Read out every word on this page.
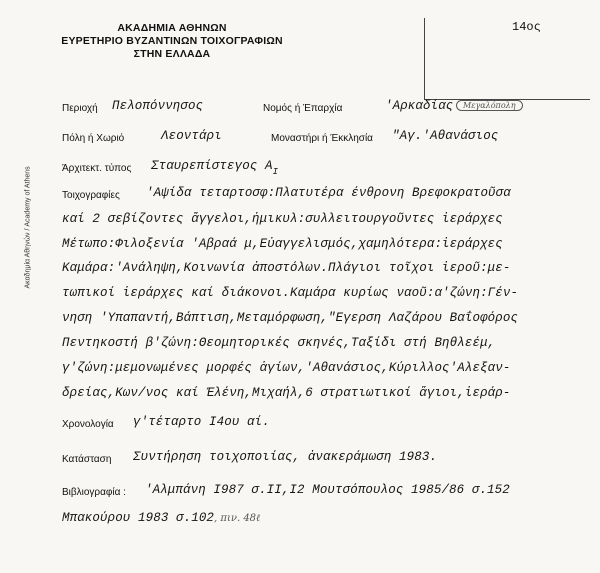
Ακαδημία Αθηνών / Academy of Athens
ΑΚΑΔΗΜΙΑ ΑΘΗΝΩΝ
ΕΥΡΕΤΗΡΙΟ ΒΥΖΑΝΤΙΝΩΝ ΤΟΙΧΟΓΡΑΦΙΩΝ
ΣΤΗΝ ΕΛΛΑΔΑ
14ος
Περιοχή Πελοπόννησος	Νομός ή Έπαρχία	'Αρκαδίας	Μεγαλόπολη
Πόλη ή Χωριό	Λεοντάρι	Μοναστήρι ή Έκκλησία "Αγ.'Αθανάσιος
Άρχιτεκτ. τύπος Σταυρεπίστεγος $A_I$
Τοιχογραφίες 'Αψίδα τεταρτοσφ:Πλατυτέρα ένθρονη Βρεφοκρατοῦσα
καί 2 σεβίζοντες ἄγγελοι,ἡμικυλ:συλλειτουργοῦντες ἱεράρχες
Μέτωπο:Φιλοξενία 'Αβραά μ,Εὐαγγελισμός,χαμηλότερα:ἱεράρχες
Καμάρα:'Ανάληψη,Κοινωνία ἀποστόλων.Πλάγιοι τοῖχοι ἱεροῦ:με-
τωπικοί ἱεράρχες καί διάκονοι.Καμάρα κυρίως ναοῦ:α'ζώνη:Γέν-
νηση 'Υπαπαντή,Βάπτιση,Μεταμόρφωση,"Εγερση Λαζάρου Βαΐοφόρος
Πεντηκοστή β'ζώνη:Θεομητορικές σκηνές,Ταξίδι στή Βηθλεέμ,
γ'ζώνη:μεμονωμένες μορφές ἁγίων,'Αθανάσιος,Κύριλλος'Αλεξαν-
δρείας,Κων/νος καί Έλένη,Μιχαήλ,6 στρατιωτικοί ἅγιοι,ἱεράρ-
Χρονολογία γ'τέταρτο Ι4ου αί.
Κατάσταση Συντήρηση τοιχοποιίας, ἀνακεράμωση 1983.
Βιβλιογραφία : 'Αλμπάνη Ι987 σ.ΙΙ,Ι2 Μουτσόπουλος 1985/86 σ.152
Μπακούρου 1983 σ.102, πιν. 48ℓ
